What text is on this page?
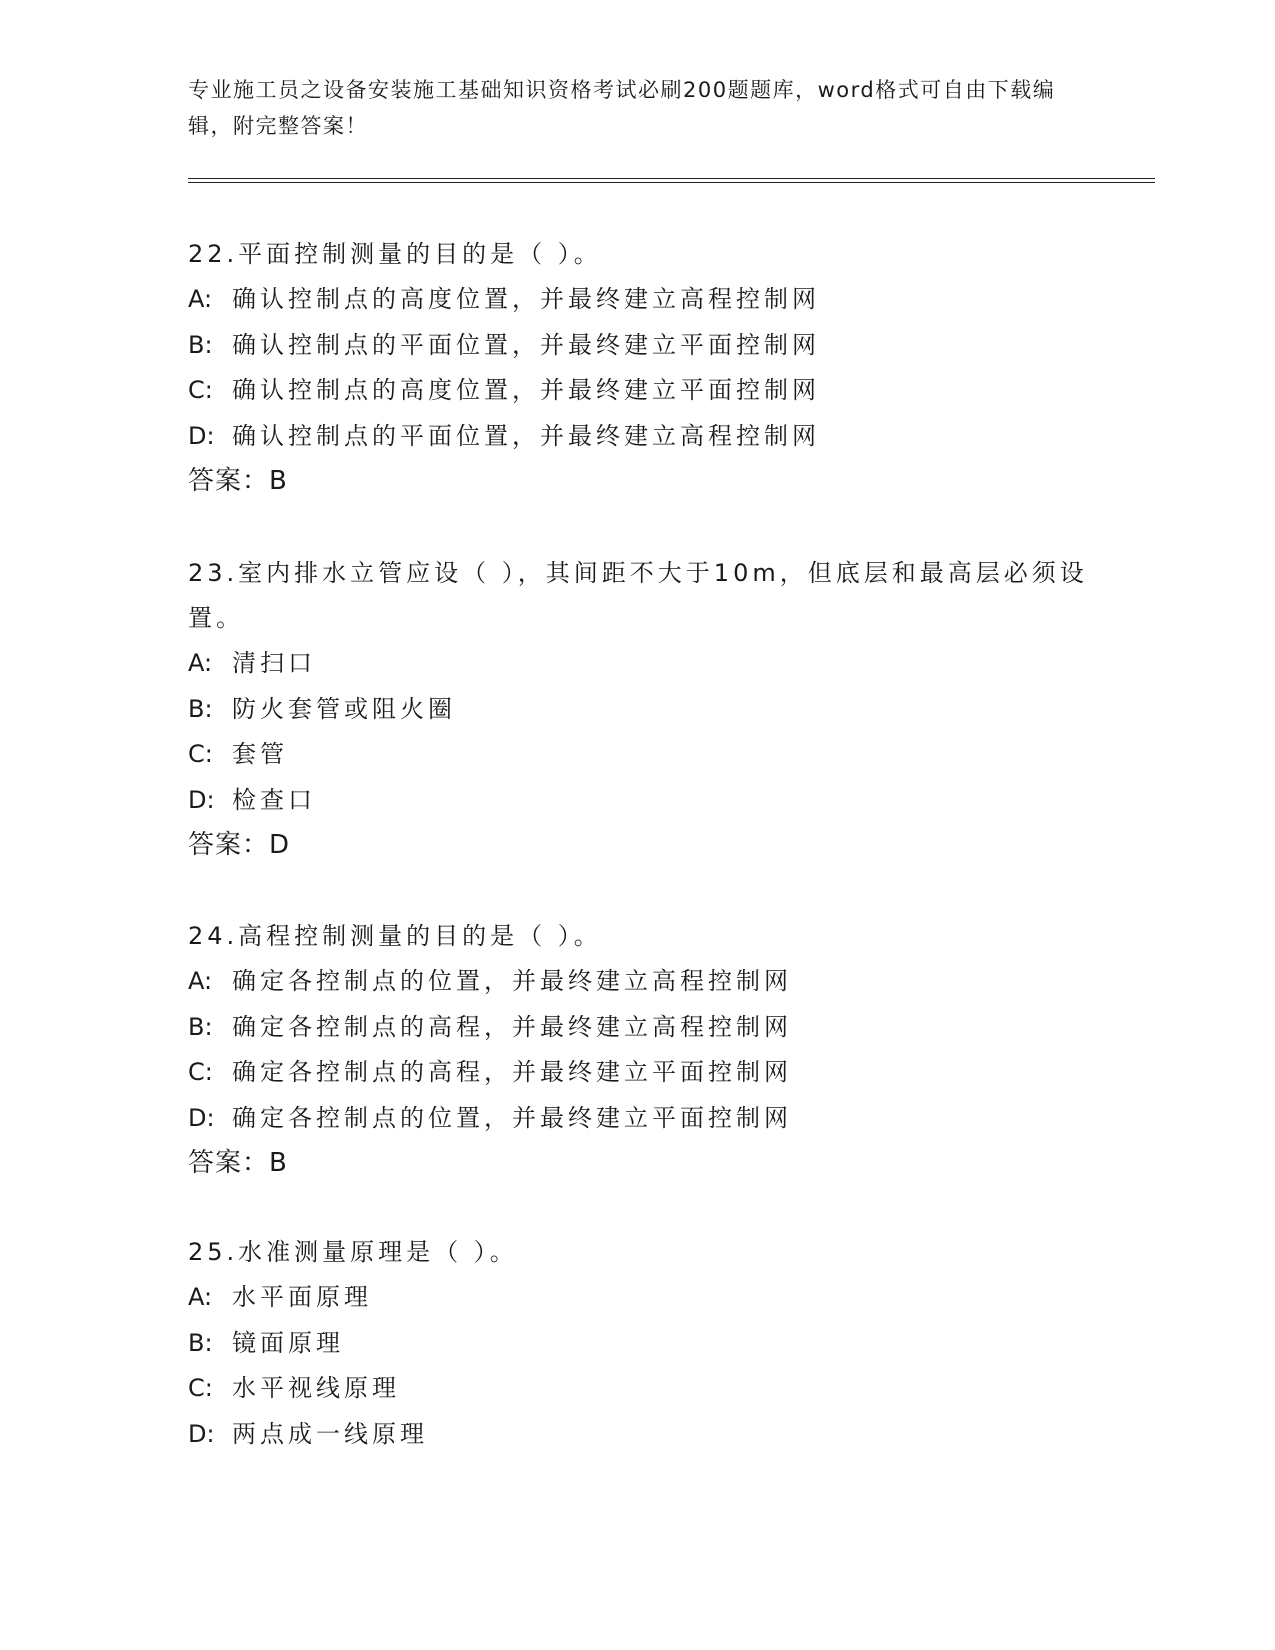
专业施工员之设备安装施工基础知识资格考试必刷200题题库，word格式可自由下载编辑，附完整答案！

22.平面控制测量的目的是（ ）。

A: 确认控制点的高度位置，并最终建立高程控制网

B: 确认控制点的平面位置，并最终建立平面控制网

C: 确认控制点的高度位置，并最终建立平面控制网

D: 确认控制点的平面位置，并最终建立高程控制网

答案：B

23.室内排水立管应设（ ），其间距不大于10m，但底层和最高层必须设置。

A: 清扫口

B: 防火套管或阻火圈

C: 套管

D: 检查口

答案：D

24.高程控制测量的目的是（ ）。

A: 确定各控制点的位置，并最终建立高程控制网

B: 确定各控制点的高程，并最终建立高程控制网

C: 确定各控制点的高程，并最终建立平面控制网

D: 确定各控制点的位置，并最终建立平面控制网

答案：B

25.水准测量原理是（ ）。

A: 水平面原理

B: 镜面原理

C: 水平视线原理

D: 两点成一线原理
